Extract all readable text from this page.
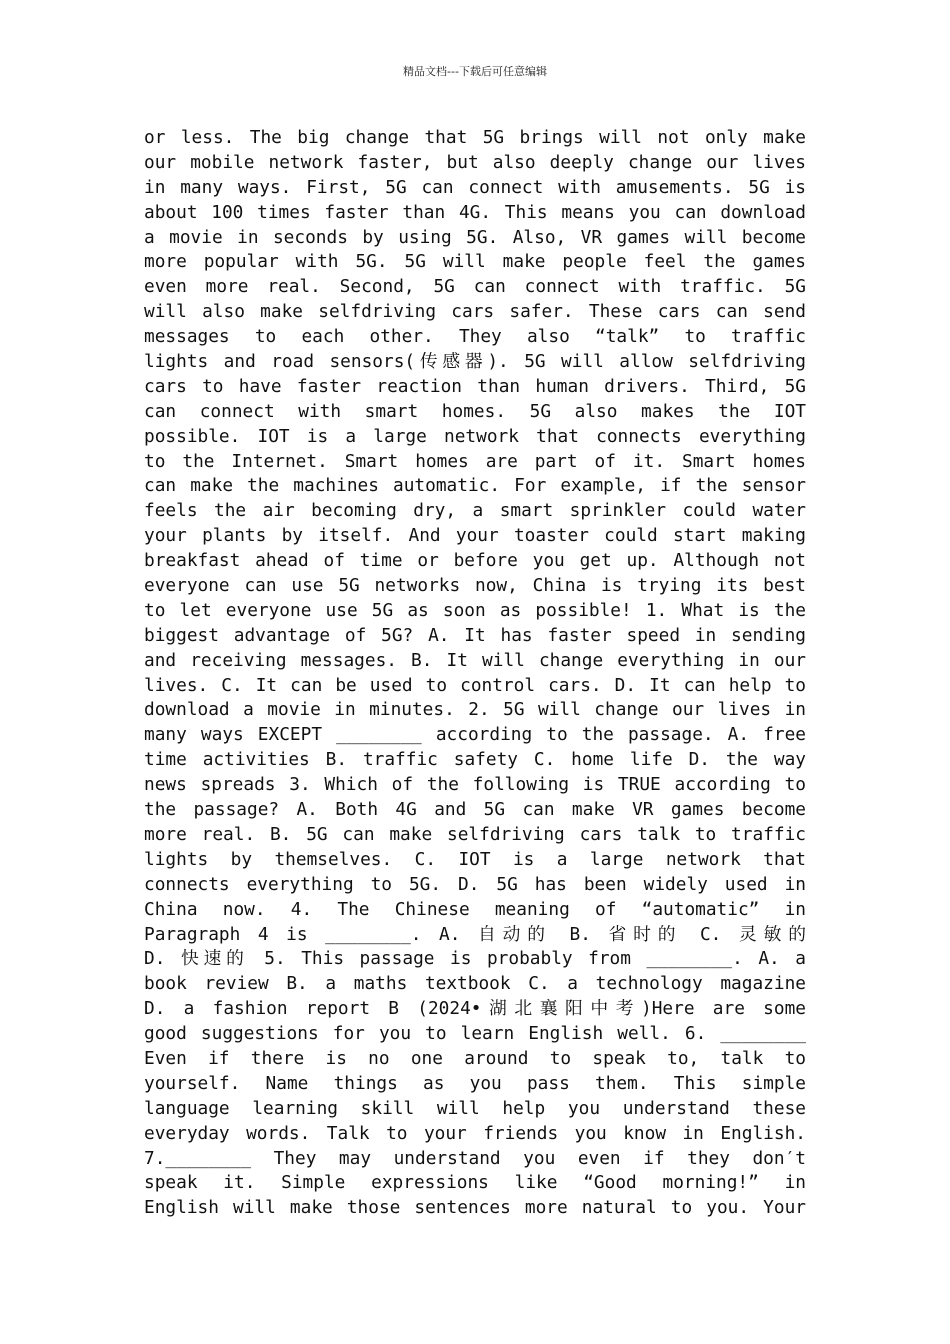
精品文档---下载后可任意编辑
or less. The big change that 5G brings will not only make
our mobile network faster, but also deeply change our lives
in many ways. First, 5G can connect with amusements. 5G is
about 100 times faster than 4G. This means you can download
a movie in seconds by using 5G. Also, VR games will become
more popular with 5G. 5G will make people feel the games
even more real. Second, 5G can connect with traffic. 5G
will also make selfdriving cars safer. These cars can send
messages to each other. They also “talk” to traffic
lights and road sensors(传感器). 5G will allow selfdriving
cars to have faster reaction than human drivers. Third, 5G
can connect with smart homes. 5G also makes the IOT
possible. IOT is a large network that connects everything
to the Internet. Smart homes are part of it. Smart homes
can make the machines automatic. For example, if the sensor
feels the air becoming dry, a smart sprinkler could water
your plants by itself. And your toaster could start making
breakfast ahead of time or before you get up. Although not
everyone can use 5G networks now, China is trying its best
to let everyone use 5G as soon as possible! 1. What is the
biggest advantage of 5G? A. It has faster speed in sending
and receiving messages. B. It will change everything in our
lives. C. It can be used to control cars. D. It can help to
download a movie in minutes. 2. 5G will change our lives in
many ways EXCEPT ________ according to the passage. A. free
time activities B. traffic safety C. home life D. the way
news spreads 3. Which of the following is TRUE according to
the passage? A. Both 4G and 5G can make VR games become
more real. B. 5G can make selfdriving cars talk to traffic
lights by themselves. C. IOT is a large network that
connects everything to 5G. D. 5G has been widely used in
China now. 4. The Chinese meaning of “automatic” in
Paragraph 4 is ________. A. 自动的 B. 省时的 C. 灵敏的
D. 快速的 5. This passage is probably from ________. A. a
book review B. a maths textbook C. a technology magazine
D. a fashion report B (2024•湖北襄阳中考)Here are some
good suggestions for you to learn English well. 6. ________
Even if there is no one around to speak to, talk to
yourself. Name things as you pass them. This simple
language learning skill will help you understand these
everyday words. Talk to your friends you know in English.
7.________ They may understand you even if they don′t
speak it. Simple expressions like “Good morning!” in
English will make those sentences more natural to you. Your
